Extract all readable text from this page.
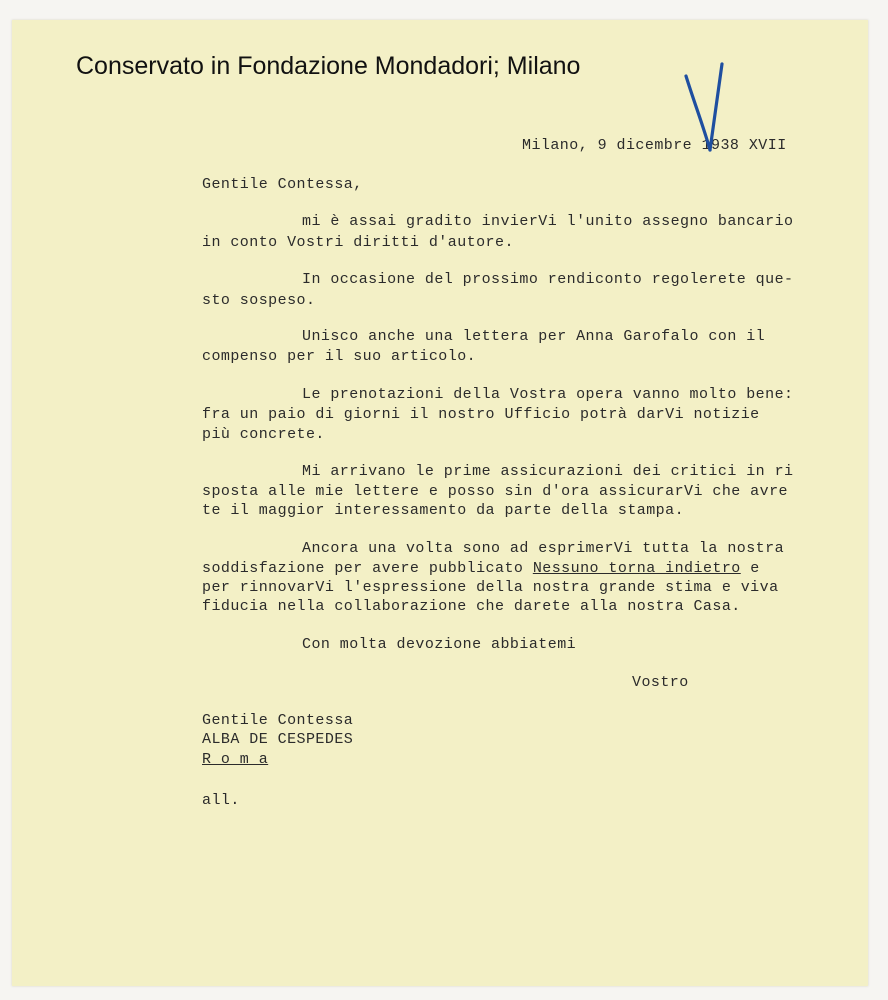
Conservato in Fondazione Mondadori; Milano
Milano, 9 dicembre 1938 XVII
Gentile Contessa,
mi è assai gradito invierVi l'unito assegno bancario
in conto Vostri diritti d'autore.
In occasione del prossimo rendiconto regolerete que-
sto sospeso.
Unisco anche una lettera per Anna Garofalo con il
compenso per il suo articolo.
Le prenotazioni della Vostra opera vanno molto bene:
fra un paio di giorni il nostro Ufficio potrà darVi notizie
più concrete.
Mi arrivano le prime assicurazioni dei critici in ri
sposta alle mie lettere e posso sin d'ora assicurarVi che avre
te il maggior interessamento da parte della stampa.
Ancora una volta sono ad esprimerVi tutta la nostra
soddisfazione per avere pubblicato Nessuno torna indietro e
per rinnovarVi l'espressione della nostra grande stima e viva
fiducia nella collaborazione che darete alla nostra Casa.
Con molta devozione abbiatemi
Vostro
Gentile Contessa
ALBA DE CESPEDES
R o m a
all.
